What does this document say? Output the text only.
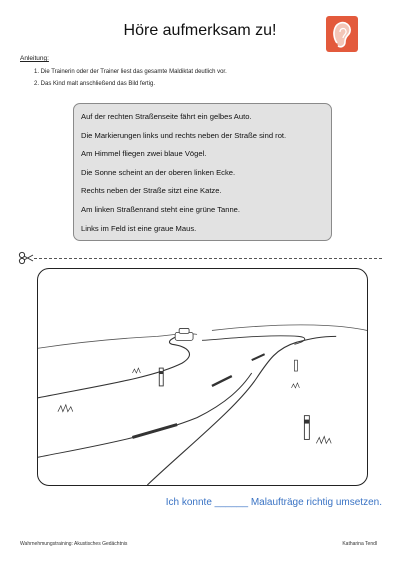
Höre aufmerksam zu!
Anleitung:
1. Die Trainerin oder der Trainer liest das gesamte Maldiktat deutlich vor.
2. Das Kind malt anschließend das Bild fertig.
Auf der rechten Straßenseite fährt ein gelbes Auto.
Die Markierungen links und rechts neben der Straße sind rot.
Am Himmel fliegen zwei blaue Vögel.
Die Sonne scheint an der oberen linken Ecke.
Rechts neben der Straße sitzt eine Katze.
Am linken Straßenrand steht eine grüne Tanne.
Links im Feld ist eine graue Maus.
Ich konnte ______ Malaufträge richtig umsetzen.
Wahrnehmungstraining: Akustisches Gedächtnis	Katharina Tendl
